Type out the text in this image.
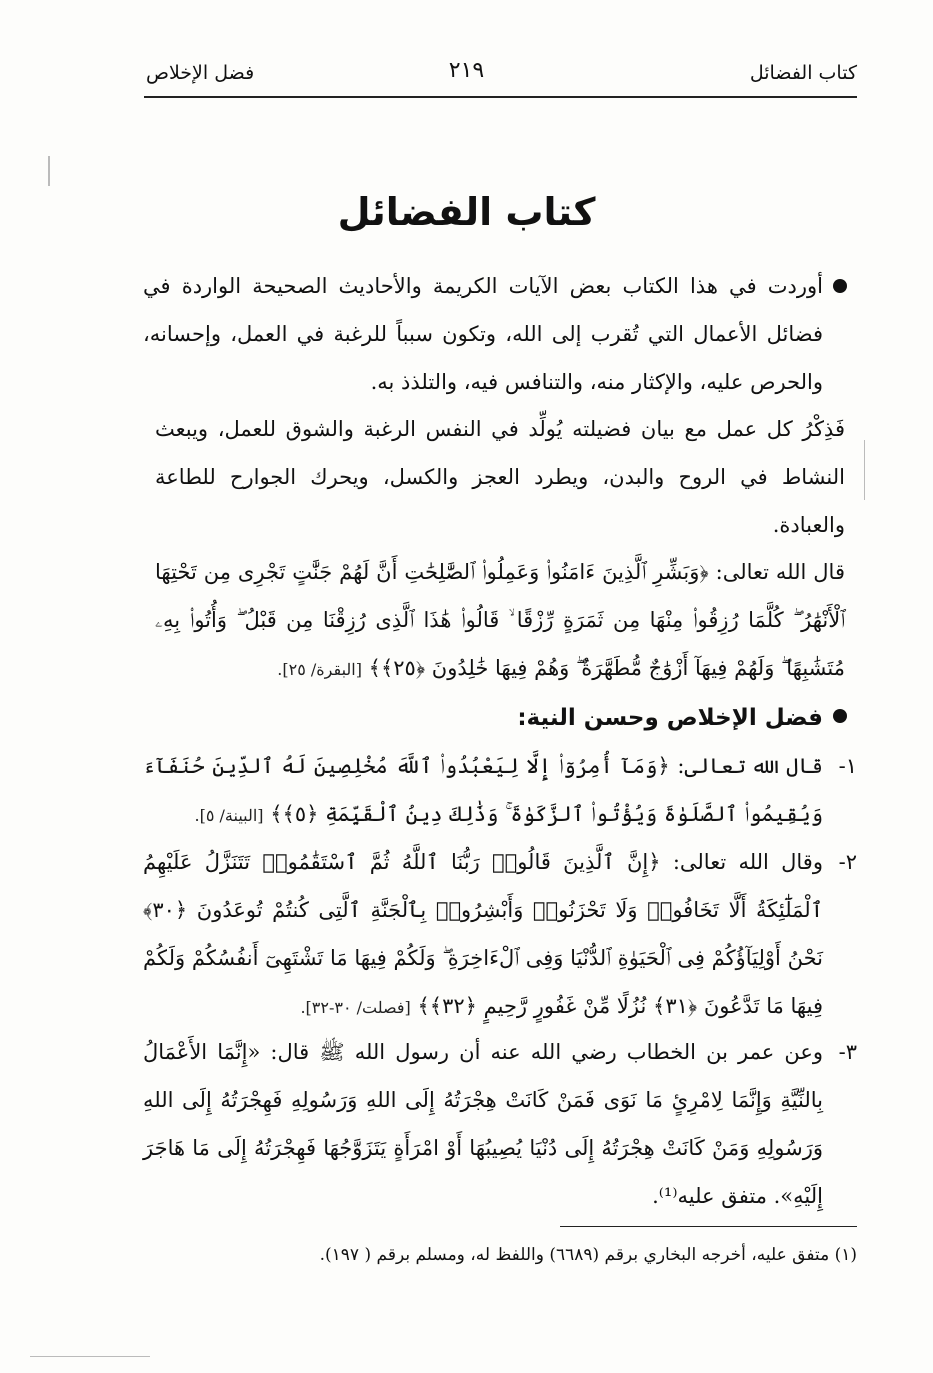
كتاب الفضائل
٢١٩
فضل الإخلاص
كتاب الفضائل
أوردت في هذا الكتاب بعض الآيات الكريمة والأحاديث الصحيحة الواردة في فضائل الأعمال التي تُقرب إلى الله، وتكون سبباً للرغبة في العمل، وإحسانه، والحرص عليه، والإكثار منه، والتنافس فيه، والتلذذ به.
فَذِكْرُ كل عمل مع بيان فضيلته يُولِّد في النفس الرغبة والشوق للعمل، ويبعث النشاط في الروح والبدن، ويطرد العجز والكسل، ويحرك الجوارح للطاعة والعبادة.
قال الله تعالى: ﴿وَبَشِّرِ ٱلَّذِينَ ءَامَنُوا۟ وَعَمِلُوا۟ ٱلصَّٰلِحَٰتِ أَنَّ لَهُمْ جَنَّٰتٍ تَجْرِى مِن تَحْتِهَا ٱلْأَنْهَٰرُ ۖ كُلَّمَا رُزِقُوا۟ مِنْهَا مِن ثَمَرَةٍ رِّزْقًا ۙ قَالُوا۟ هَٰذَا ٱلَّذِى رُزِقْنَا مِن قَبْلُ ۖ وَأُتُوا۟ بِهِۦ مُتَشَٰبِهًا ۖ وَلَهُمْ فِيهَآ أَزْوَٰجٌ مُّطَهَّرَةٌ ۖ وَهُمْ فِيهَا خَٰلِدُونَ ﴿٢٥﴾﴾ [البقرة/ ٢٥].
فضل الإخلاص وحسن النية:
١-
قال الله تعالى: ﴿وَمَآ أُمِرُوٓا۟ إِلَّا لِيَعْبُدُوا۟ ٱللَّهَ مُخْلِصِينَ لَهُ ٱلدِّينَ حُنَفَآءَ وَيُقِيمُوا۟ ٱلصَّلَوٰةَ وَيُؤْتُوا۟ ٱلزَّكَوٰةَ ۚ وَذَٰلِكَ دِينُ ٱلْقَيِّمَةِ ﴿٥﴾﴾ [البينة/ ٥].
٢-
وقال الله تعالى: ﴿إِنَّ ٱلَّذِينَ قَالُوا۟ رَبُّنَا ٱللَّهُ ثُمَّ ٱسْتَقَٰمُوا۟ تَتَنَزَّلُ عَلَيْهِمُ ٱلْمَلَٰٓئِكَةُ أَلَّا تَخَافُوا۟ وَلَا تَحْزَنُوا۟ وَأَبْشِرُوا۟ بِٱلْجَنَّةِ ٱلَّتِى كُنتُمْ تُوعَدُونَ ﴿٣٠﴾ نَحْنُ أَوْلِيَآؤُكُمْ فِى ٱلْحَيَوٰةِ ٱلدُّنْيَا وَفِى ٱلْءَاخِرَةِ ۖ وَلَكُمْ فِيهَا مَا تَشْتَهِىٓ أَنفُسُكُمْ وَلَكُمْ فِيهَا مَا تَدَّعُونَ ﴿٣١﴾ نُزُلًا مِّنْ غَفُورٍ رَّحِيمٍ ﴿٣٢﴾﴾ [فصلت/ ٣٠-٣٢].
٣-
وعن عمر بن الخطاب رضي الله عنه أن رسول الله ﷺ قال: «إِنَّمَا الأَعْمَالُ بِالنِّيَّةِ وَإِنَّمَا لِامْرِئٍ مَا نَوَى فَمَنْ كَانَتْ هِجْرَتُهُ إِلَى اللهِ وَرَسُولِهِ فَهِجْرَتُهُ إِلَى اللهِ وَرَسُولِهِ وَمَنْ كَانَتْ هِجْرَتُهُ إِلَى دُنْيَا يُصِيبُهَا أَوْ امْرَأَةٍ يَتَزَوَّجُهَا فَهِجْرَتُهُ إِلَى مَا هَاجَرَ إِلَيْهِ». متفق عليه⁽¹⁾.
(١) متفق عليه، أخرجه البخاري برقم (٦٦٨٩) واللفظ له، ومسلم برقم ( ١٩٧).
